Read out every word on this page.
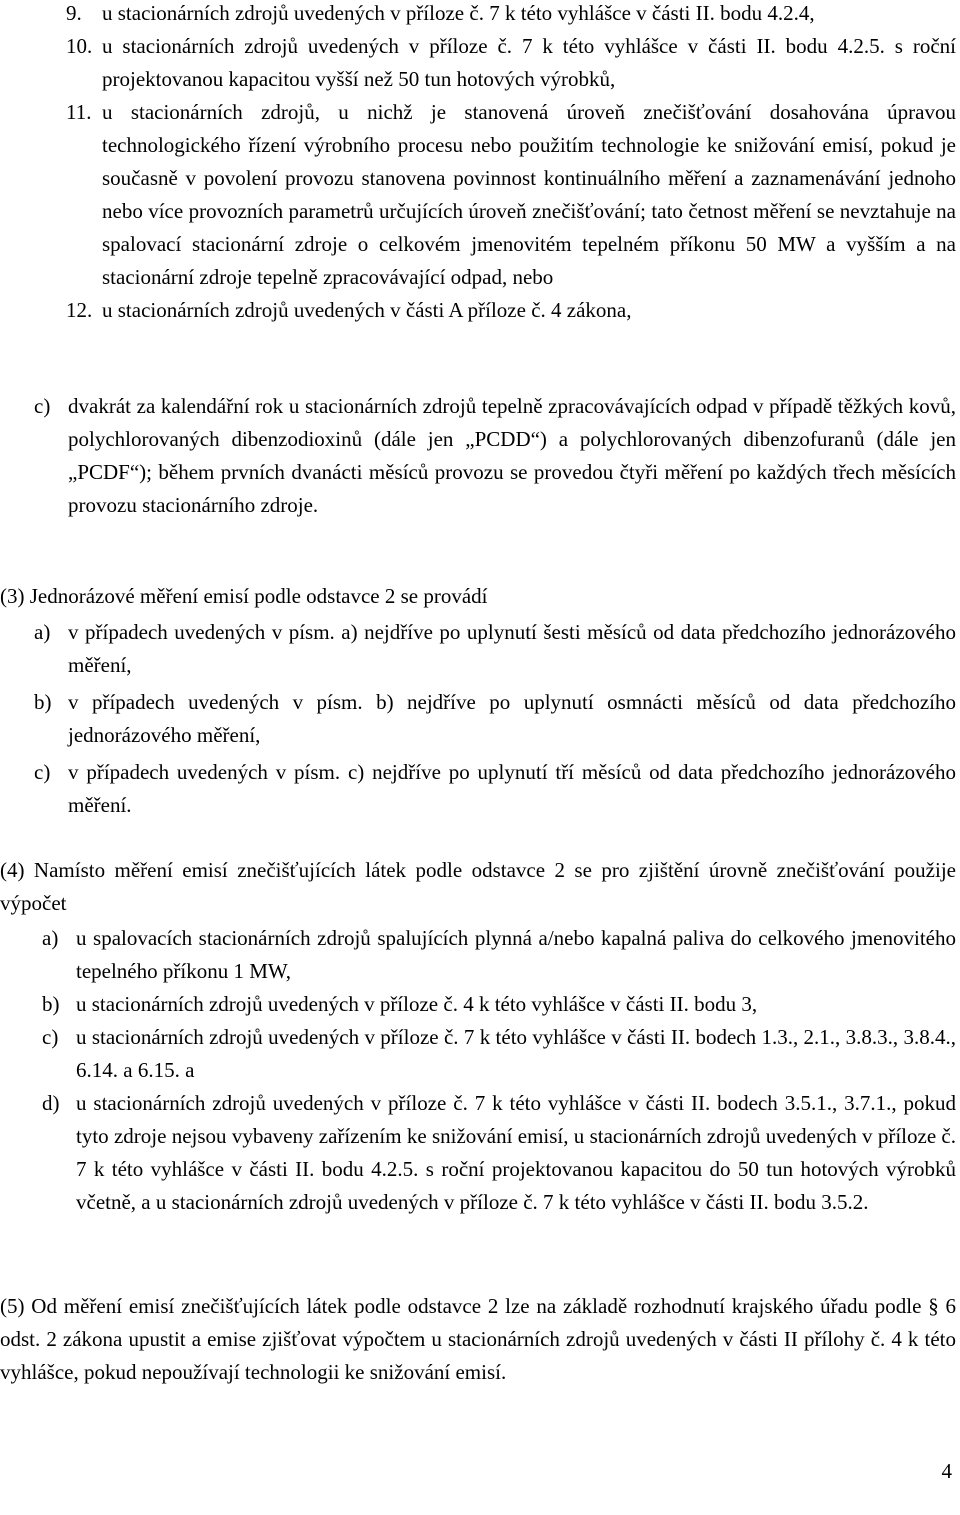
9. u stacionárních zdrojů uvedených v příloze č. 7 k této vyhlášce v části II. bodu 4.2.4,
10. u stacionárních zdrojů uvedených v příloze č. 7 k této vyhlášce v části II. bodu 4.2.5. s roční projektovanou kapacitou vyšší než 50 tun hotových výrobků,
11. u stacionárních zdrojů, u nichž je stanovená úroveň znečišťování dosahována úpravou technologického řízení výrobního procesu nebo použitím technologie ke snižování emisí, pokud je současně v povolení provozu stanovena povinnost kontinuálního měření a zaznamenávání jednoho nebo více provozních parametrů určujících úroveň znečišťování; tato četnost měření se nevztahuje na spalovací stacionární zdroje o celkovém jmenovitém tepelném příkonu 50 MW a vyšším a na stacionární zdroje tepelně zpracovávající odpad, nebo
12. u stacionárních zdrojů uvedených v části A příloze č. 4 zákona,
c) dvakrát za kalendářní rok u stacionárních zdrojů tepelně zpracovávajících odpad v případě těžkých kovů, polychlorovaných dibenzodioxinů (dále jen „PCDD“) a polychlorovaných dibenzofuranů (dále jen „PCDF“); během prvních dvanácti měsíců provozu se provedou čtyři měření po každých třech měsících provozu stacionárního zdroje.
(3) Jednorázové měření emisí podle odstavce 2 se provádí
a) v případech uvedených v písm. a) nejdříve po uplynutí šesti měsíců od data předchozího jednorázového měření,
b) v případech uvedených v písm. b) nejdříve po uplynutí osmnácti měsíců od data předchozího jednorázového měření,
c) v případech uvedených v písm. c) nejdříve po uplynutí tří měsíců od data předchozího jednorázového měření.
(4) Namísto měření emisí znečišťujících látek podle odstavce 2 se pro zjištění úrovně znečišťování použije výpočet
a) u spalovacích stacionárních zdrojů spalujících plynná a/nebo kapalná paliva do celkového jmenovitého tepelného příkonu 1 MW,
b) u stacionárních zdrojů uvedených v příloze č. 4 k této vyhlášce v části II. bodu 3,
c) u stacionárních zdrojů uvedených v příloze č. 7 k této vyhlášce v části II. bodech 1.3., 2.1., 3.8.3., 3.8.4., 6.14. a 6.15. a
d) u stacionárních zdrojů uvedených v příloze č. 7 k této vyhlášce v části II. bodech 3.5.1., 3.7.1., pokud tyto zdroje nejsou vybaveny zařízením ke snižování emisí, u stacionárních zdrojů uvedených v příloze č. 7 k této vyhlášce v části II. bodu 4.2.5. s roční projektovanou kapacitou do 50 tun hotových výrobků včetně, a u stacionárních zdrojů uvedených v příloze č. 7 k této vyhlášce v části II. bodu 3.5.2.
(5) Od měření emisí znečišťujících látek podle odstavce 2 lze na základě rozhodnutí krajského úřadu podle § 6 odst. 2 zákona upustit a emise zjišťovat výpočtem u stacionárních zdrojů uvedených v části II přílohy č. 4 k této vyhlášce, pokud nepoužívají technologii ke snižování emisí.
4
